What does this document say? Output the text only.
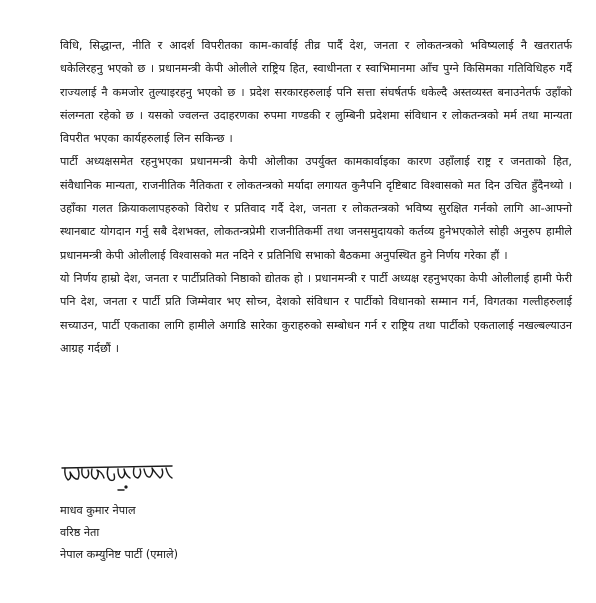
विधि, सिद्धान्त, नीति र आदर्श विपरीतका काम-कार्वाई तीव्र पार्दै देश, जनता र लोकतन्त्रको भविष्यलाई नै खतरातर्फ धकेलिरहनु भएको छ । प्रधानमन्त्री केपी ओलीले राष्ट्रिय हित, स्वाधीनता र स्वाभिमानमा आँच पुग्ने किसिमका गतिविधिहरु गर्दै राज्यलाई नै कमजोर तुल्याइरहनु भएको छ । प्रदेश सरकारहरुलाई पनि सत्ता संघर्षतर्फ धकेल्दै अस्तव्यस्त बनाउनेतर्फ उहाँको संलग्नता रहेको छ । यसको ज्वलन्त उदाहरणका रुपमा गण्डकी र लुम्बिनी प्रदेशमा संविधान र लोकतन्त्रको मर्म तथा मान्यता विपरीत भएका कार्यहरुलाई लिन सकिन्छ ।

पार्टी अध्यक्षसमेत रहनुभएका प्रधानमन्त्री केपी ओलीका उपर्युक्त कामकार्वाइका कारण उहाँलाई राष्ट्र र जनताको हित, संवैधानिक मान्यता, राजनीतिक नैतिकता र लोकतन्त्रको मर्यादा लगायत कुनैपनि दृष्टिबाट विश्वासको मत दिन उचित हुँदैनथ्यो । उहाँका गलत क्रियाकलापहरुको विरोध र प्रतिवाद गर्दै देश, जनता र लोकतन्त्रको भविष्य सुरक्षित गर्नको लागि आ-आफ्नो स्थानबाट योगदान गर्नु सबै देशभक्त, लोकतन्त्रप्रेमी राजनीतिकर्मी तथा जनसमुदायको कर्तव्य हुनेभएकोले सोही अनुरुप हामीले प्रधानमन्त्री केपी ओलीलाई विश्वासको मत नदिने र प्रतिनिधि सभाको बैठकमा अनुपस्थित हुने निर्णय गरेका हौं ।

यो निर्णय हाम्रो देश, जनता र पार्टीप्रतिको निष्ठाको द्योतक हो । प्रधानमन्त्री र पार्टी अध्यक्ष रहनुभएका केपी ओलीलाई हामी फेरी पनि देश, जनता र पार्टी प्रति जिम्मेवार भए सोच्न, देशको संविधान र पार्टीको विधानको सम्मान गर्न, विगतका गल्तीहरुलाई सच्याउन, पार्टी एकताका लागि हामीले अगाडि सारेका कुराहरुको सम्बोधन गर्न र राष्ट्रिय तथा पार्टीको एकतालाई नखल्बल्याउन आग्रह गर्दछौं ।

माधव कुमार नेपाल
वरिष्ठ नेता
नेपाल कम्युनिष्ट पार्टी (एमाले)
